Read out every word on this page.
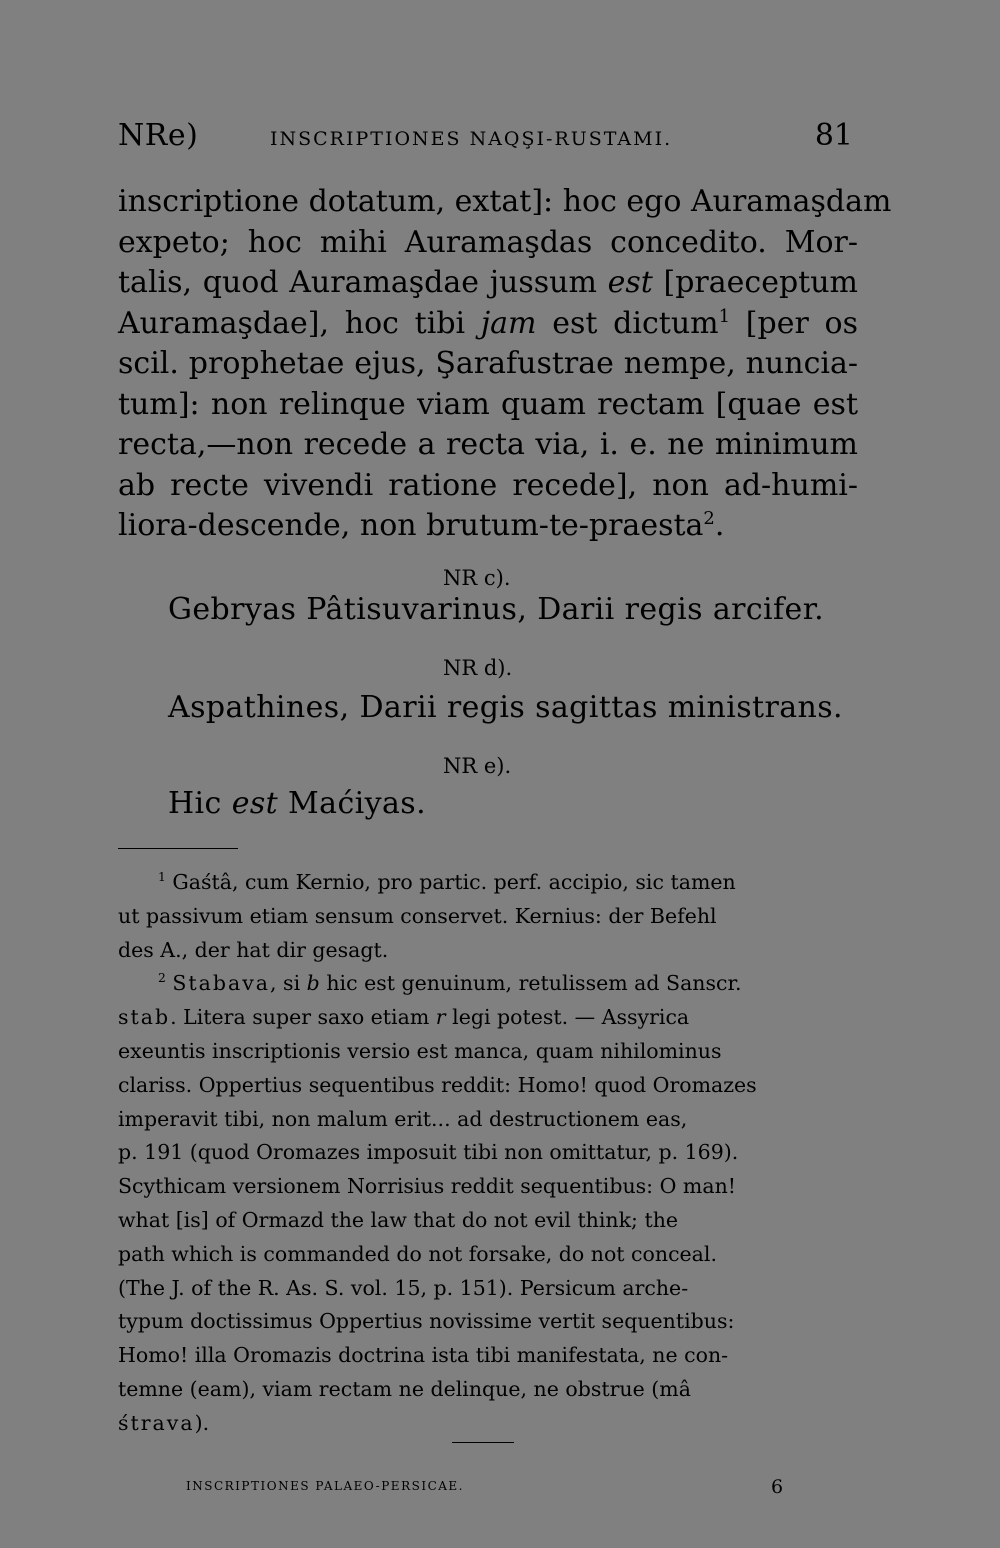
NRe)	INSCRIPTIONES NAQŞI-RUSTAMI.	81
inscriptione dotatum, extat]: hoc ego Auramaşdam
expeto; hoc mihi Auramaşdas concedito. Mor-
talis, quod Auramaşdae jussum est [praeceptum
Auramaşdae], hoc tibi jam est dictum$^1$ [per os
scil. prophetae ejus, Şarafustrae nempe, nuncia-
tum]: non relinque viam quam rectam [quae est
recta,—non recede a recta via, i. e. ne minimum
ab recte vivendi ratione recede], non ad-humi-
liora-descende, non brutum-te-praesta$^2$.
NR c).
Gebryas Pâtisuvarinus, Darii regis arcifer.
NR d).
Aspathines, Darii regis sagittas ministrans.
NR e).
Hic est Maćiyas.
$^1$ Gaśtâ, cum Kernio, pro partic. perf. accipio, sic tamen
ut passivum etiam sensum conservet. Kernius: der Befehl
des A., der hat dir gesagt.
$^2$ Stabava, si b hic est genuinum, retulissem ad Sanscr.
stab. Litera super saxo etiam r legi potest. — Assyrica
exeuntis inscriptionis versio est manca, quam nihilominus
clariss. Oppertius sequentibus reddit: Homo! quod Oromazes
imperavit tibi, non malum erit... ad destructionem eas,
p. 191 (quod Oromazes imposuit tibi non omittatur, p. 169).
Scythicam versionem Norrisius reddit sequentibus: O man!
what [is] of Ormazd the law that do not evil think; the
path which is commanded do not forsake, do not conceal.
(The J. of the R. As. S. vol. 15, p. 151). Persicum arche-
typum doctissimus Oppertius novissime vertit sequentibus:
Homo! illa Oromazis doctrina ista tibi manifestata, ne con-
temne (eam), viam rectam ne delinque, ne obstrue (mâ
śtrava).
INSCRIPTIONES PALAEO-PERSICAE.	6
